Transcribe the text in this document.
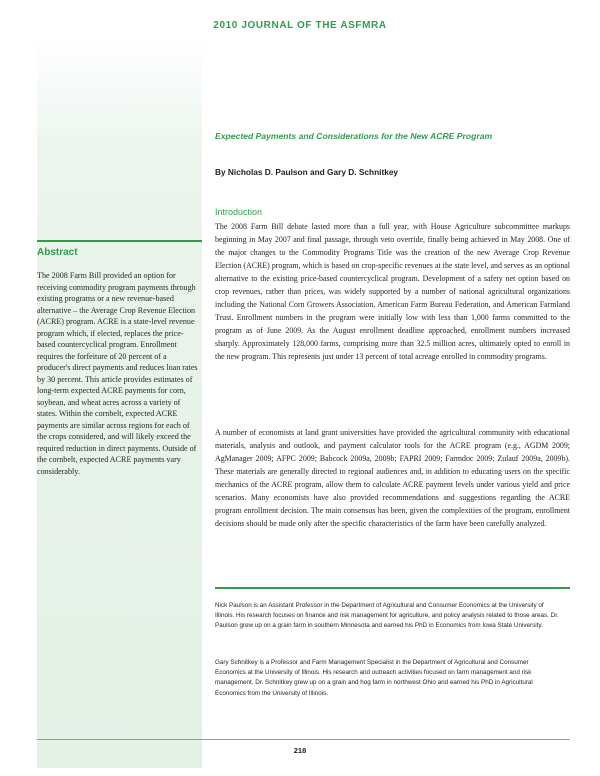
2010 JOURNAL OF THE ASFMRA
Abstract

The 2008 Farm Bill provided an option for receiving commodity program payments through existing programs or a new revenue-based alternative – the Average Crop Revenue Election (ACRE) program. ACRE is a state-level revenue program which, if elected, replaces the price-based countercyclical program. Enrollment requires the forfeiture of 20 percent of a producer's direct payments and reduces loan rates by 30 percent. This article provides estimates of long-term expected ACRE payments for corn, soybean, and wheat acres across a variety of states. Within the cornbelt, expected ACRE payments are similar across regions for each of the crops considered, and will likely exceed the required reduction in direct payments. Outside of the cornbelt, expected ACRE payments vary considerably.

Expected Payments and Considerations for the New ACRE Program
By Nicholas D. Paulson and Gary D. Schnitkey
Introduction

The 2008 Farm Bill debate lasted more than a full year, with House Agriculture subcommittee markups beginning in May 2007 and final passage, through veto override, finally being achieved in May 2008. One of the major changes to the Commodity Programs Title was the creation of the new Average Crop Revenue Election (ACRE) program, which is based on crop-specific revenues at the state level, and serves as an optional alternative to the existing price-based countercyclical program. Development of a safety net option based on crop revenues, rather than prices, was widely supported by a number of national agricultural organizations including the National Corn Growers Association, American Farm Bureau Federation, and American Farmland Trust. Enrollment numbers in the program were initially low with less than 1,000 farms committed to the program as of June 2009. As the August enrollment deadline approached, enrollment numbers increased sharply. Approximately 128,000 farms, comprising more than 32.5 million acres, ultimately opted to enroll in the new program. This represents just under 13 percent of total acreage enrolled in commodity programs.

A number of economists at land grant universities have provided the agricultural community with educational materials, analysis and outlook, and payment calculator tools for the ACRE program (e.g., AGDM 2009; AgManager 2009; AFPC 2009; Babcock 2009a, 2009b; FAPRI 2009; Farmdoc 2009; Zulauf 2009a, 2009b). These materials are generally directed to regional audiences and, in addition to educating users on the specific mechanics of the ACRE program, allow them to calculate ACRE payment levels under various yield and price scenarios. Many economists have also provided recommendations and suggestions regarding the ACRE program enrollment decision. The main consensus has been, given the complexities of the program, enrollment decisions should be made only after the specific characteristics of the farm have been carefully analyzed.

Nick Paulson is an Assistant Professor in the Department of Agricultural and Consumer Economics at the University of Illinois. His research focuses on finance and risk management for agriculture, and policy analysis related to those areas. Dr. Paulson grew up on a grain farm in southern Minnesota and earned his PhD in Economics from Iowa State University.

Gary Schnitkey is a Professor and Farm Management Specialist in the Department of Agricultural and Consumer Economics at the University of Illinois. His research and outreach activities focused on farm management and risk management. Dr. Schnitkey grew up on a grain and hog farm in northwest Ohio and earned his PhD in Agricultural Economics from the University of Illinois.

218
